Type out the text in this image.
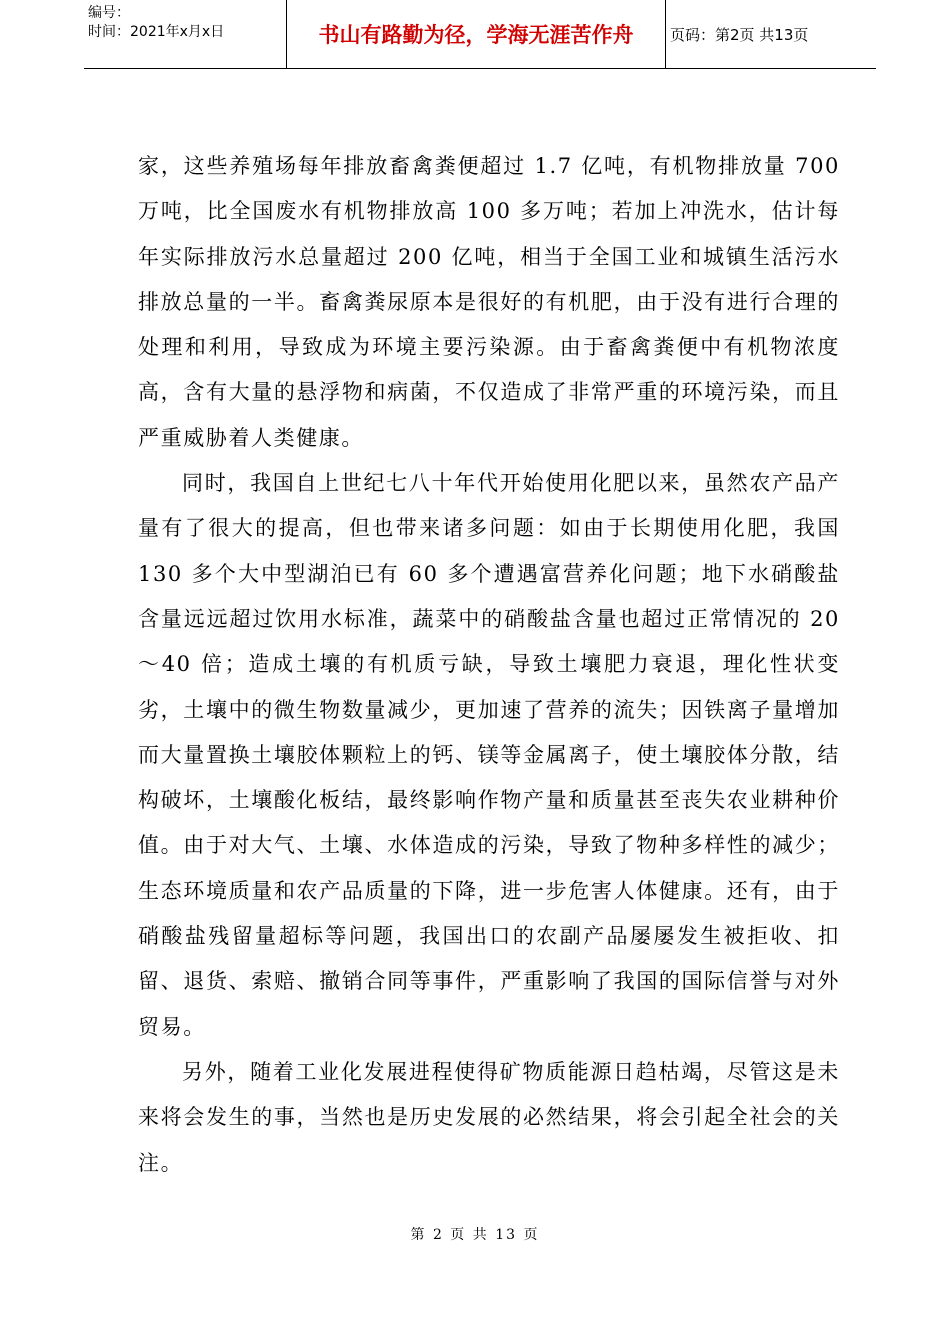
编号：
时间：2021年x月x日	书山有路勤为径，学海无涯苦作舟	页码：第2页 共13页

家，这些养殖场每年排放畜禽粪便超过 1.7 亿吨，有机物排放量 700 万吨，比全国废水有机物排放高 100 多万吨；若加上冲洗水，估计每年实际排放污水总量超过 200 亿吨，相当于全国工业和城镇生活污水排放总量的一半。畜禽粪尿原本是很好的有机肥，由于没有进行合理的处理和利用，导致成为环境主要污染源。由于畜禽粪便中有机物浓度高，含有大量的悬浮物和病菌，不仅造成了非常严重的环境污染，而且严重威胁着人类健康。

同时，我国自上世纪七八十年代开始使用化肥以来，虽然农产品产量有了很大的提高，但也带来诸多问题：如由于长期使用化肥，我国 130 多个大中型湖泊已有 60 多个遭遇富营养化问题；地下水硝酸盐含量远远超过饮用水标准，蔬菜中的硝酸盐含量也超过正常情况的 20～40 倍；造成土壤的有机质亏缺，导致土壤肥力衰退，理化性状变劣，土壤中的微生物数量减少，更加速了营养的流失；因铁离子量增加而大量置换土壤胶体颗粒上的钙、镁等金属离子，使土壤胶体分散，结构破坏，土壤酸化板结，最终影响作物产量和质量甚至丧失农业耕种价值。由于对大气、土壤、水体造成的污染，导致了物种多样性的减少；生态环境质量和农产品质量的下降，进一步危害人体健康。还有，由于硝酸盐残留量超标等问题，我国出口的农副产品屡屡发生被拒收、扣留、退货、索赔、撤销合同等事件，严重影响了我国的国际信誉与对外贸易。

另外，随着工业化发展进程使得矿物质能源日趋枯竭，尽管这是未来将会发生的事，当然也是历史发展的必然结果，将会引起全社会的关注。

第 2 页 共 13 页
